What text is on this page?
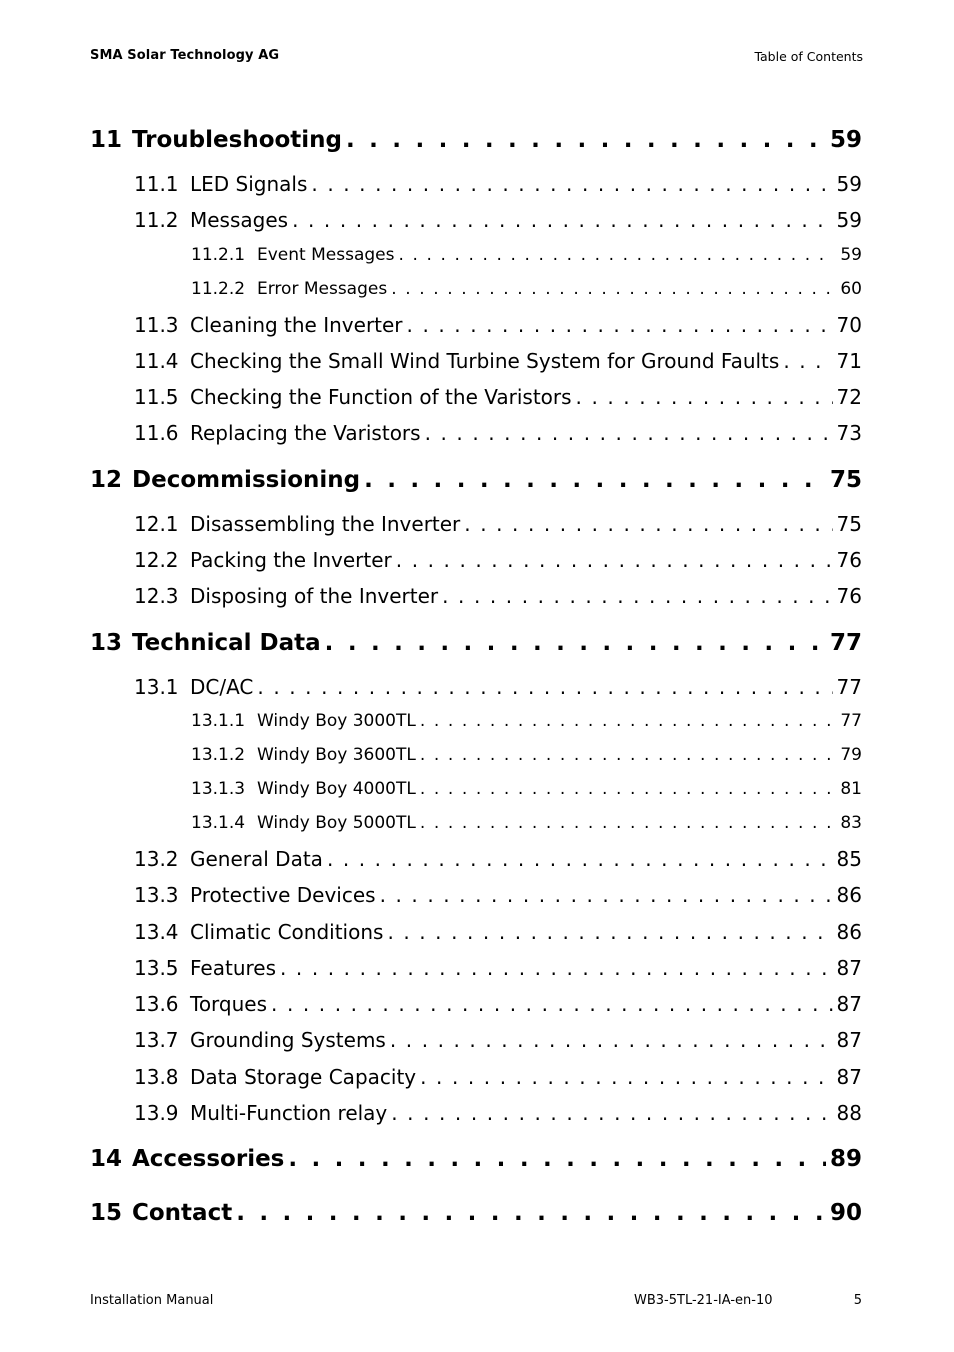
SMA Solar Technology AG	Table of Contents
11 Troubleshooting . . .	59
11.1 LED Signals . . .	59
11.2 Messages . . .	59
11.2.1 Event Messages . . .	59
11.2.2 Error Messages . . .	60
11.3 Cleaning the Inverter . . .	70
11.4 Checking the Small Wind Turbine System for Ground Faults . . .	71
11.5 Checking the Function of the Varistors . . .	72
11.6 Replacing the Varistors . . .	73
12 Decommissioning . . .	75
12.1 Disassembling the Inverter . . .	75
12.2 Packing the Inverter . . .	76
12.3 Disposing of the Inverter . . .	76
13 Technical Data . . .	77
13.1 DC/AC . . .	77
13.1.1 Windy Boy 3000TL . . .	77
13.1.2 Windy Boy 3600TL . . .	79
13.1.3 Windy Boy 4000TL . . .	81
13.1.4 Windy Boy 5000TL . . .	83
13.2 General Data . . .	85
13.3 Protective Devices . . .	86
13.4 Climatic Conditions . . .	86
13.5 Features . . .	87
13.6 Torques . . .	87
13.7 Grounding Systems . . .	87
13.8 Data Storage Capacity . . .	87
13.9 Multi-Function relay . . .	88
14 Accessories . . .	89
15 Contact . . .	90
Installation Manual	WB3-5TL-21-IA-en-10	5
